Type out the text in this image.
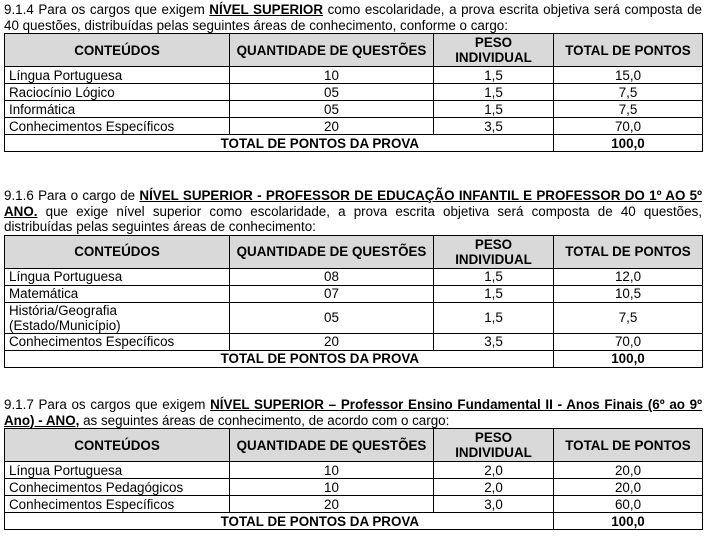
9.1.4 Para os cargos que exigem NÍVEL SUPERIOR como escolaridade, a prova escrita objetiva será composta de 40 questões, distribuídas pelas seguintes áreas de conhecimento, conforme o cargo:

CONTEÚDOS	QUANTIDADE DE QUESTÕES	PESO INDIVIDUAL	TOTAL DE PONTOS
Língua Portuguesa	10	1,5	15,0
Raciocínio Lógico	05	1,5	7,5
Informática	05	1,5	7,5
Conhecimentos Específicos	20	3,5	70,0
TOTAL DE PONTOS DA PROVA			100,0

9.1.6 Para o cargo de NÍVEL SUPERIOR - PROFESSOR DE EDUCAÇÃO INFANTIL E PROFESSOR DO 1º AO 5º ANO. que exige nível superior como escolaridade, a prova escrita objetiva será composta de 40 questões, distribuídas pelas seguintes áreas de conhecimento:

CONTEÚDOS	QUANTIDADE DE QUESTÕES	PESO INDIVIDUAL	TOTAL DE PONTOS
Língua Portuguesa	08	1,5	12,0
Matemática	07	1,5	10,5
História/Geografia (Estado/Município)	05	1,5	7,5
Conhecimentos Específicos	20	3,5	70,0
TOTAL DE PONTOS DA PROVA			100,0

9.1.7 Para os cargos que exigem NÍVEL SUPERIOR – Professor Ensino Fundamental II - Anos Finais (6º ao 9º Ano) - ANO, as seguintes áreas de conhecimento, de acordo com o cargo:

CONTEÚDOS	QUANTIDADE DE QUESTÕES	PESO INDIVIDUAL	TOTAL DE PONTOS
Língua Portuguesa	10	2,0	20,0
Conhecimentos Pedagógicos	10	2,0	20,0
Conhecimentos Específicos	20	3,0	60,0
TOTAL DE PONTOS DA PROVA			100,0
